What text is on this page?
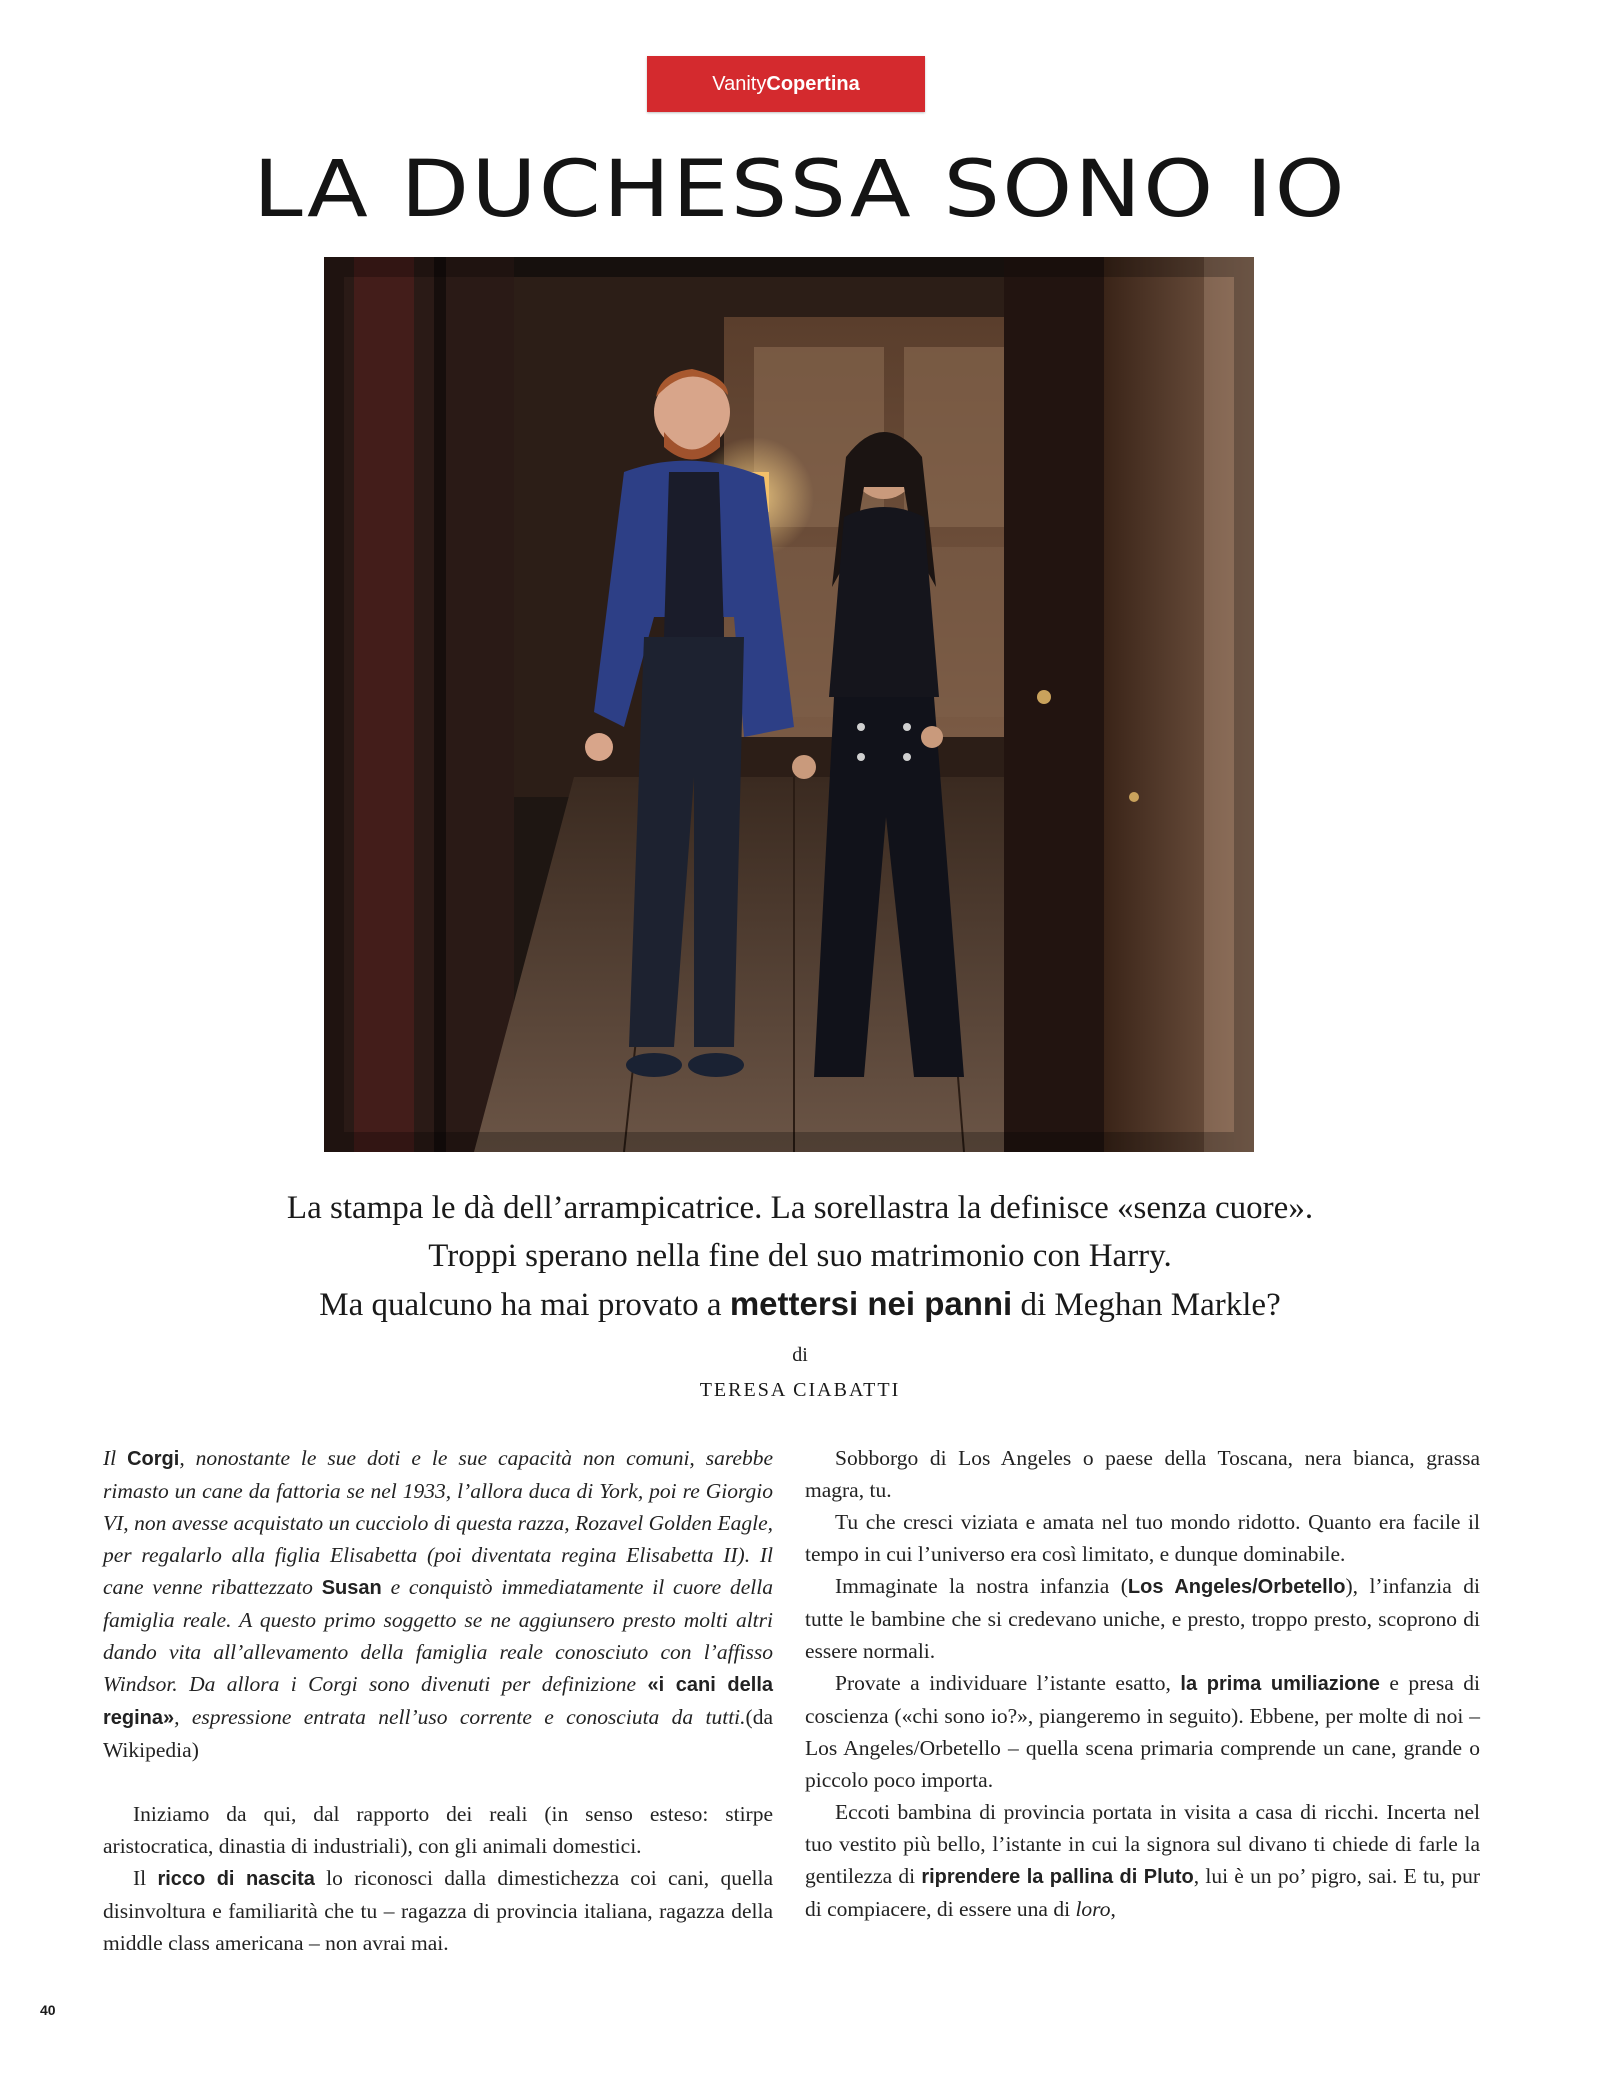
Vanity Copertina
LA DUCHESSA SONO IO
La stampa le dà dell’arrampicatrice. La sorellastra la definisce «senza cuore».
Troppi sperano nella fine del suo matrimonio con Harry.
Ma qualcuno ha mai provato a mettersi nei panni di Meghan Markle?
di
TERESA CIABATTI

Il Corgi, nonostante le sue doti e le sue capacità non comuni, sarebbe rimasto un cane da fattoria se nel 1933, l’allora duca di York, poi re Giorgio VI, non avesse acquistato un cucciolo di questa razza, Rozavel Golden Eagle, per regalarlo alla figlia Elisabetta (poi diventata regina Elisabetta II). Il cane venne ribattezzato Susan e conquistò immediatamente il cuore della famiglia reale. A questo primo soggetto se ne aggiunsero presto molti altri dando vita all’allevamento della famiglia reale conosciuto con l’affisso Windsor. Da allora i Corgi sono divenuti per definizione «i cani della regina», espressione entrata nell’uso corrente e conosciuta da tutti.(da Wikipedia)

Iniziamo da qui, dal rapporto dei reali (in senso esteso: stirpe aristocratica, dinastia di industriali), con gli animali domestici.

Il ricco di nascita lo riconosci dalla dimestichezza coi cani, quella disinvoltura e familiarità che tu – ragazza di provincia italiana, ragazza della middle class americana – non avrai mai.

Sobborgo di Los Angeles o paese della Toscana, nera bianca, grassa magra, tu.

Tu che cresci viziata e amata nel tuo mondo ridotto. Quanto era facile il tempo in cui l’universo era così limitato, e dunque dominabile.

Immaginate la nostra infanzia (Los Angeles/Orbetello), l’infanzia di tutte le bambine che si credevano uniche, e presto, troppo presto, scoprono di essere normali.

Provate a individuare l’istante esatto, la prima umiliazione e presa di coscienza («chi sono io?», piangeremo in seguito). Ebbene, per molte di noi – Los Angeles/Orbetello – quella scena primaria comprende un cane, grande o piccolo poco importa.

Eccoti bambina di provincia portata in visita a casa di ricchi. Incerta nel tuo vestito più bello, l’istante in cui la signora sul divano ti chiede di farle la gentilezza di riprendere la pallina di Pluto, lui è un po’ pigro, sai. E tu, pur di compiacere, di essere una di loro,

40
